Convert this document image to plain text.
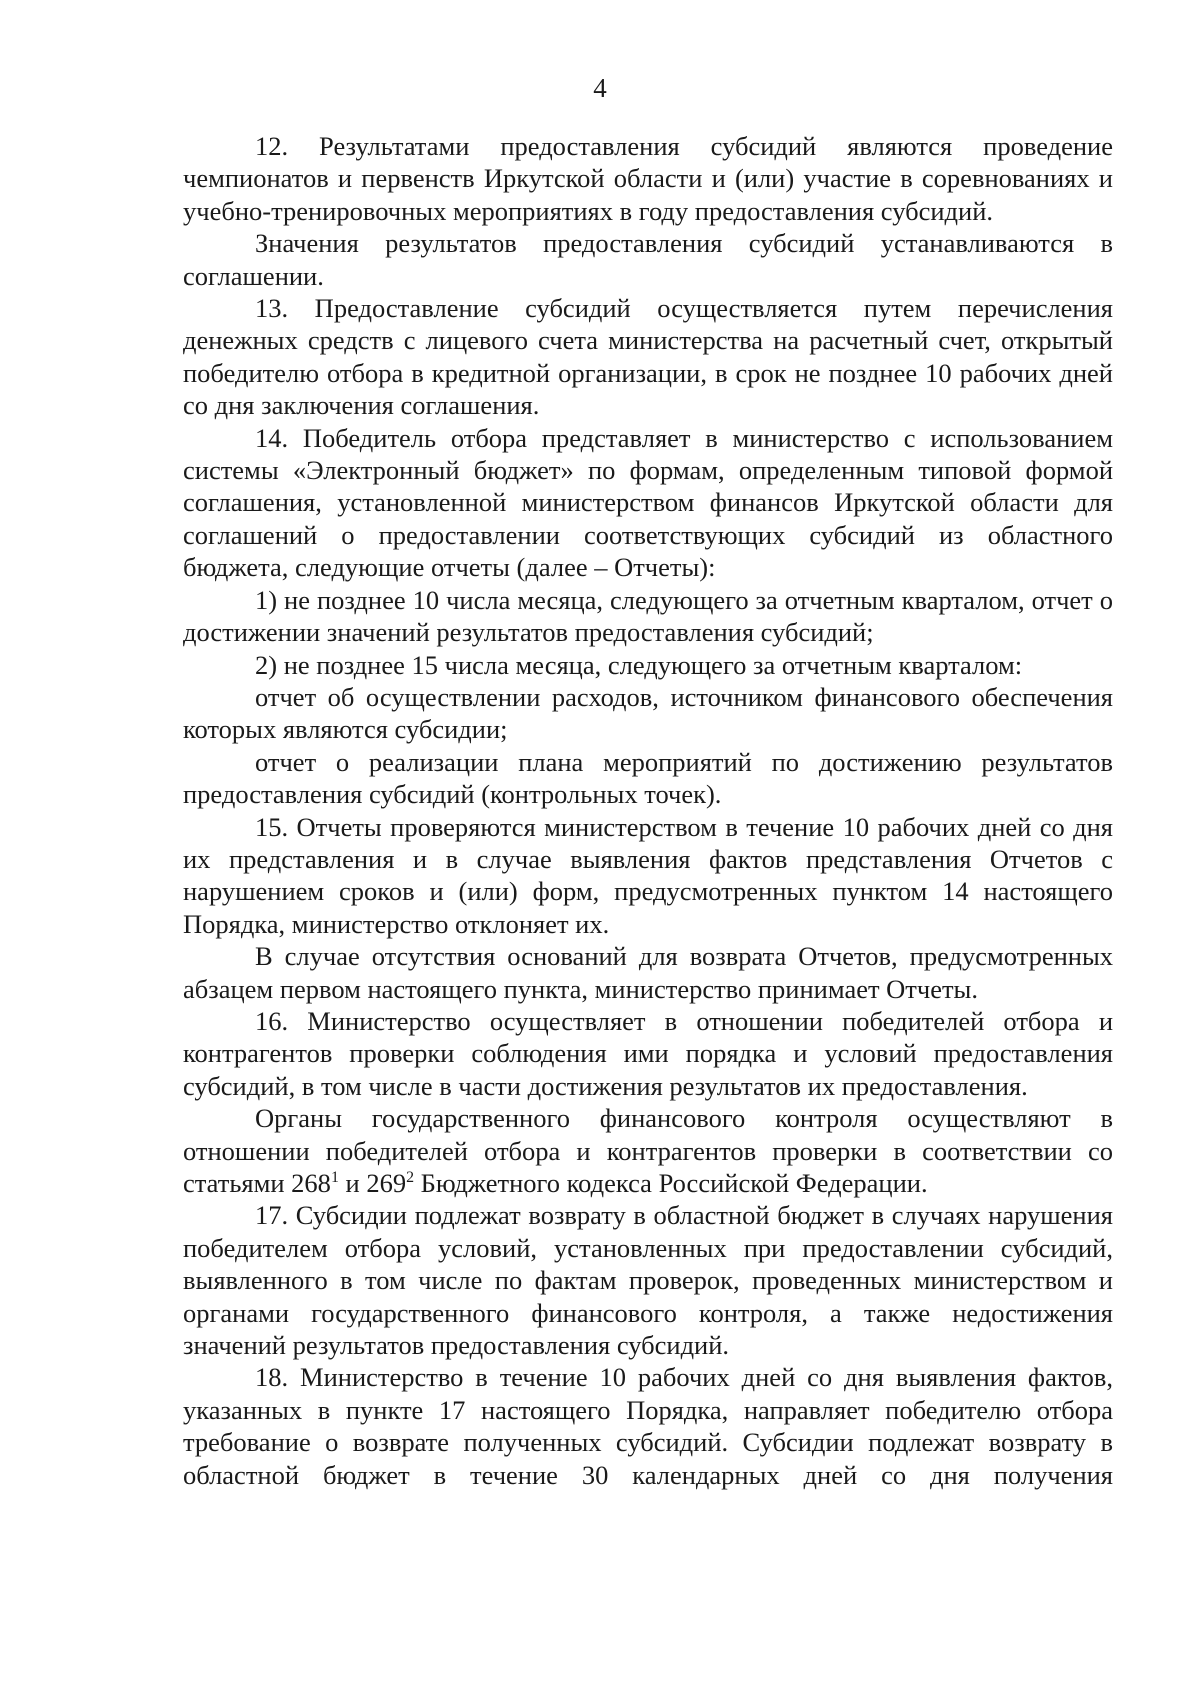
4

12. Результатами предоставления субсидий являются проведение чемпионатов и первенств Иркутской области и (или) участие в соревнованиях и учебно-тренировочных мероприятиях в году предоставления субсидий.

Значения результатов предоставления субсидий устанавливаются в соглашении.

13. Предоставление субсидий осуществляется путем перечисления денежных средств с лицевого счета министерства на расчетный счет, открытый победителю отбора в кредитной организации, в срок не позднее 10 рабочих дней со дня заключения соглашения.

14. Победитель отбора представляет в министерство с использованием системы «Электронный бюджет» по формам, определенным типовой формой соглашения, установленной министерством финансов Иркутской области для соглашений о предоставлении соответствующих субсидий из областного бюджета, следующие отчеты (далее – Отчеты):

1) не позднее 10 числа месяца, следующего за отчетным кварталом, отчет о достижении значений результатов предоставления субсидий;

2) не позднее 15 числа месяца, следующего за отчетным кварталом:

отчет об осуществлении расходов, источником финансового обеспечения которых являются субсидии;

отчет о реализации плана мероприятий по достижению результатов предоставления субсидий (контрольных точек).

15. Отчеты проверяются министерством в течение 10 рабочих дней со дня их представления и в случае выявления фактов представления Отчетов с нарушением сроков и (или) форм, предусмотренных пунктом 14 настоящего Порядка, министерство отклоняет их.

В случае отсутствия оснований для возврата Отчетов, предусмотренных абзацем первом настоящего пункта, министерство принимает Отчеты.

16. Министерство осуществляет в отношении победителей отбора и контрагентов проверки соблюдения ими порядка и условий предоставления субсидий, в том числе в части достижения результатов их предоставления.

Органы государственного финансового контроля осуществляют в отношении победителей отбора и контрагентов проверки в соответствии со статьями $268^1$ и $269^2$ Бюджетного кодекса Российской Федерации.

17. Субсидии подлежат возврату в областной бюджет в случаях нарушения победителем отбора условий, установленных при предоставлении субсидий, выявленного в том числе по фактам проверок, проведенных министерством и органами государственного финансового контроля, а также недостижения значений результатов предоставления субсидий.

18. Министерство в течение 10 рабочих дней со дня выявления фактов, указанных в пункте 17 настоящего Порядка, направляет победителю отбора требование о возврате полученных субсидий. Субсидии подлежат возврату в областной бюджет в течение 30 календарных дней со дня получения
